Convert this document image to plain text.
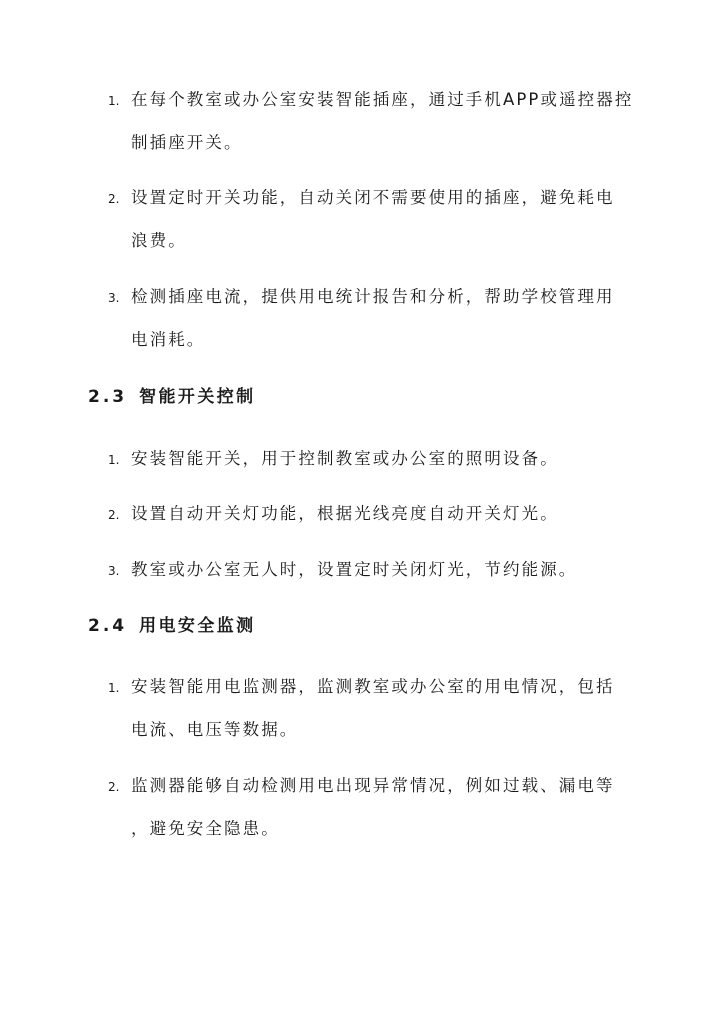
1. 在每个教室或办公室安装智能插座，通过手机APP或遥控器控
制插座开关。
2. 设置定时开关功能，自动关闭不需要使用的插座，避免耗电
浪费。
3. 检测插座电流，提供用电统计报告和分析，帮助学校管理用
电消耗。
2.3 智能开关控制
1. 安装智能开关，用于控制教室或办公室的照明设备。
2. 设置自动开关灯功能，根据光线亮度自动开关灯光。
3. 教室或办公室无人时，设置定时关闭灯光，节约能源。
2.4 用电安全监测
1. 安装智能用电监测器，监测教室或办公室的用电情况，包括
电流、电压等数据。
2. 监测器能够自动检测用电出现异常情况，例如过载、漏电等
，避免安全隐患。
